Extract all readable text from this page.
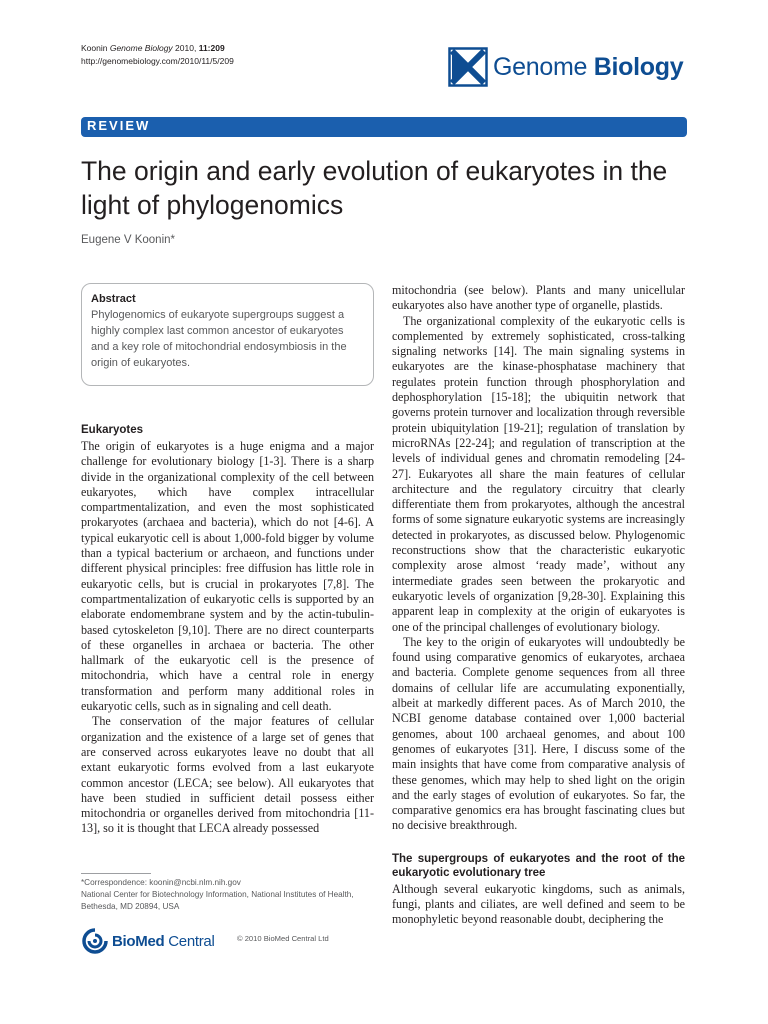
Koonin Genome Biology 2010, 11:209
http://genomebiology.com/2010/11/5/209	Genome Biology
REVIEW
The origin and early evolution of eukaryotes in the light of phylogenomics
Eugene V Koonin*
Abstract

Phylogenomics of eukaryote supergroups suggest a highly complex last common ancestor of eukaryotes and a key role of mitochondrial endosymbiosis in the origin of eukaryotes.

Eukaryotes

The origin of eukaryotes is a huge enigma and a major challenge for evolutionary biology [1-3]. There is a sharp divide in the organizational complexity of the cell between eukaryotes, which have complex intracellular compartmentalization, and even the most sophisticated prokaryotes (archaea and bacteria), which do not [4-6]. A typical eukaryotic cell is about 1,000-fold bigger by volume than a typical bacterium or archaeon, and functions under different physical principles: free diffusion has little role in eukaryotic cells, but is crucial in prokaryotes [7,8]. The compartmentalization of eukaryotic cells is supported by an elaborate endomembrane system and by the actin-tubulin-based cytoskeleton [9,10]. There are no direct counterparts of these organelles in archaea or bacteria. The other hallmark of the eukaryotic cell is the presence of mitochondria, which have a central role in energy transformation and perform many additional roles in eukaryotic cells, such as in signaling and cell death.

The conservation of the major features of cellular organization and the existence of a large set of genes that are conserved across eukaryotes leave no doubt that all extant eukaryotic forms evolved from a last eukaryote common ancestor (LECA; see below). All eukaryotes that have been studied in sufficient detail possess either mitochondria or organelles derived from mitochondria [11-13], so it is thought that LECA already possessed

mitochondria (see below). Plants and many unicellular eukaryotes also have another type of organelle, plastids.

The organizational complexity of the eukaryotic cells is complemented by extremely sophisticated, cross-talking signaling networks [14]. The main signaling systems in eukaryotes are the kinase-phosphatase machinery that regulates protein function through phosphorylation and dephosphorylation [15-18]; the ubiquitin network that governs protein turnover and localization through reversible protein ubiquitylation [19-21]; regulation of translation by microRNAs [22-24]; and regulation of transcription at the levels of individual genes and chromatin remodeling [24-27]. Eukaryotes all share the main features of cellular architecture and the regulatory circuitry that clearly differentiate them from prokaryotes, although the ancestral forms of some signature eukaryotic systems are increasingly detected in prokaryotes, as discussed below. Phylogenomic reconstructions show that the characteristic eukaryotic complexity arose almost ‘ready made’, without any intermediate grades seen between the prokaryotic and eukaryotic levels of organization [9,28-30]. Explaining this apparent leap in complexity at the origin of eukaryotes is one of the principal challenges of evolutionary biology.

The key to the origin of eukaryotes will undoubtedly be found using comparative genomics of eukaryotes, archaea and bacteria. Complete genome sequences from all three domains of cellular life are accumulating exponentially, albeit at markedly different paces. As of March 2010, the NCBI genome database contained over 1,000 bacterial genomes, about 100 archaeal genomes, and about 100 genomes of eukaryotes [31]. Here, I discuss some of the main insights that have come from comparative analysis of these genomes, which may help to shed light on the origin and the early stages of evolution of eukaryotes. So far, the comparative genomics era has brought fascinating clues but no decisive breakthrough.

The supergroups of eukaryotes and the root of the eukaryotic evolutionary tree

Although several eukaryotic kingdoms, such as animals, fungi, plants and ciliates, are well defined and seem to be monophyletic beyond reasonable doubt, deciphering the

*Correspondence: koonin@ncbi.nlm.nih.gov
National Center for Biotechnology Information, National Institutes of Health, Bethesda, MD 20894, USA
BioMed Central	© 2010 BioMed Central Ltd
